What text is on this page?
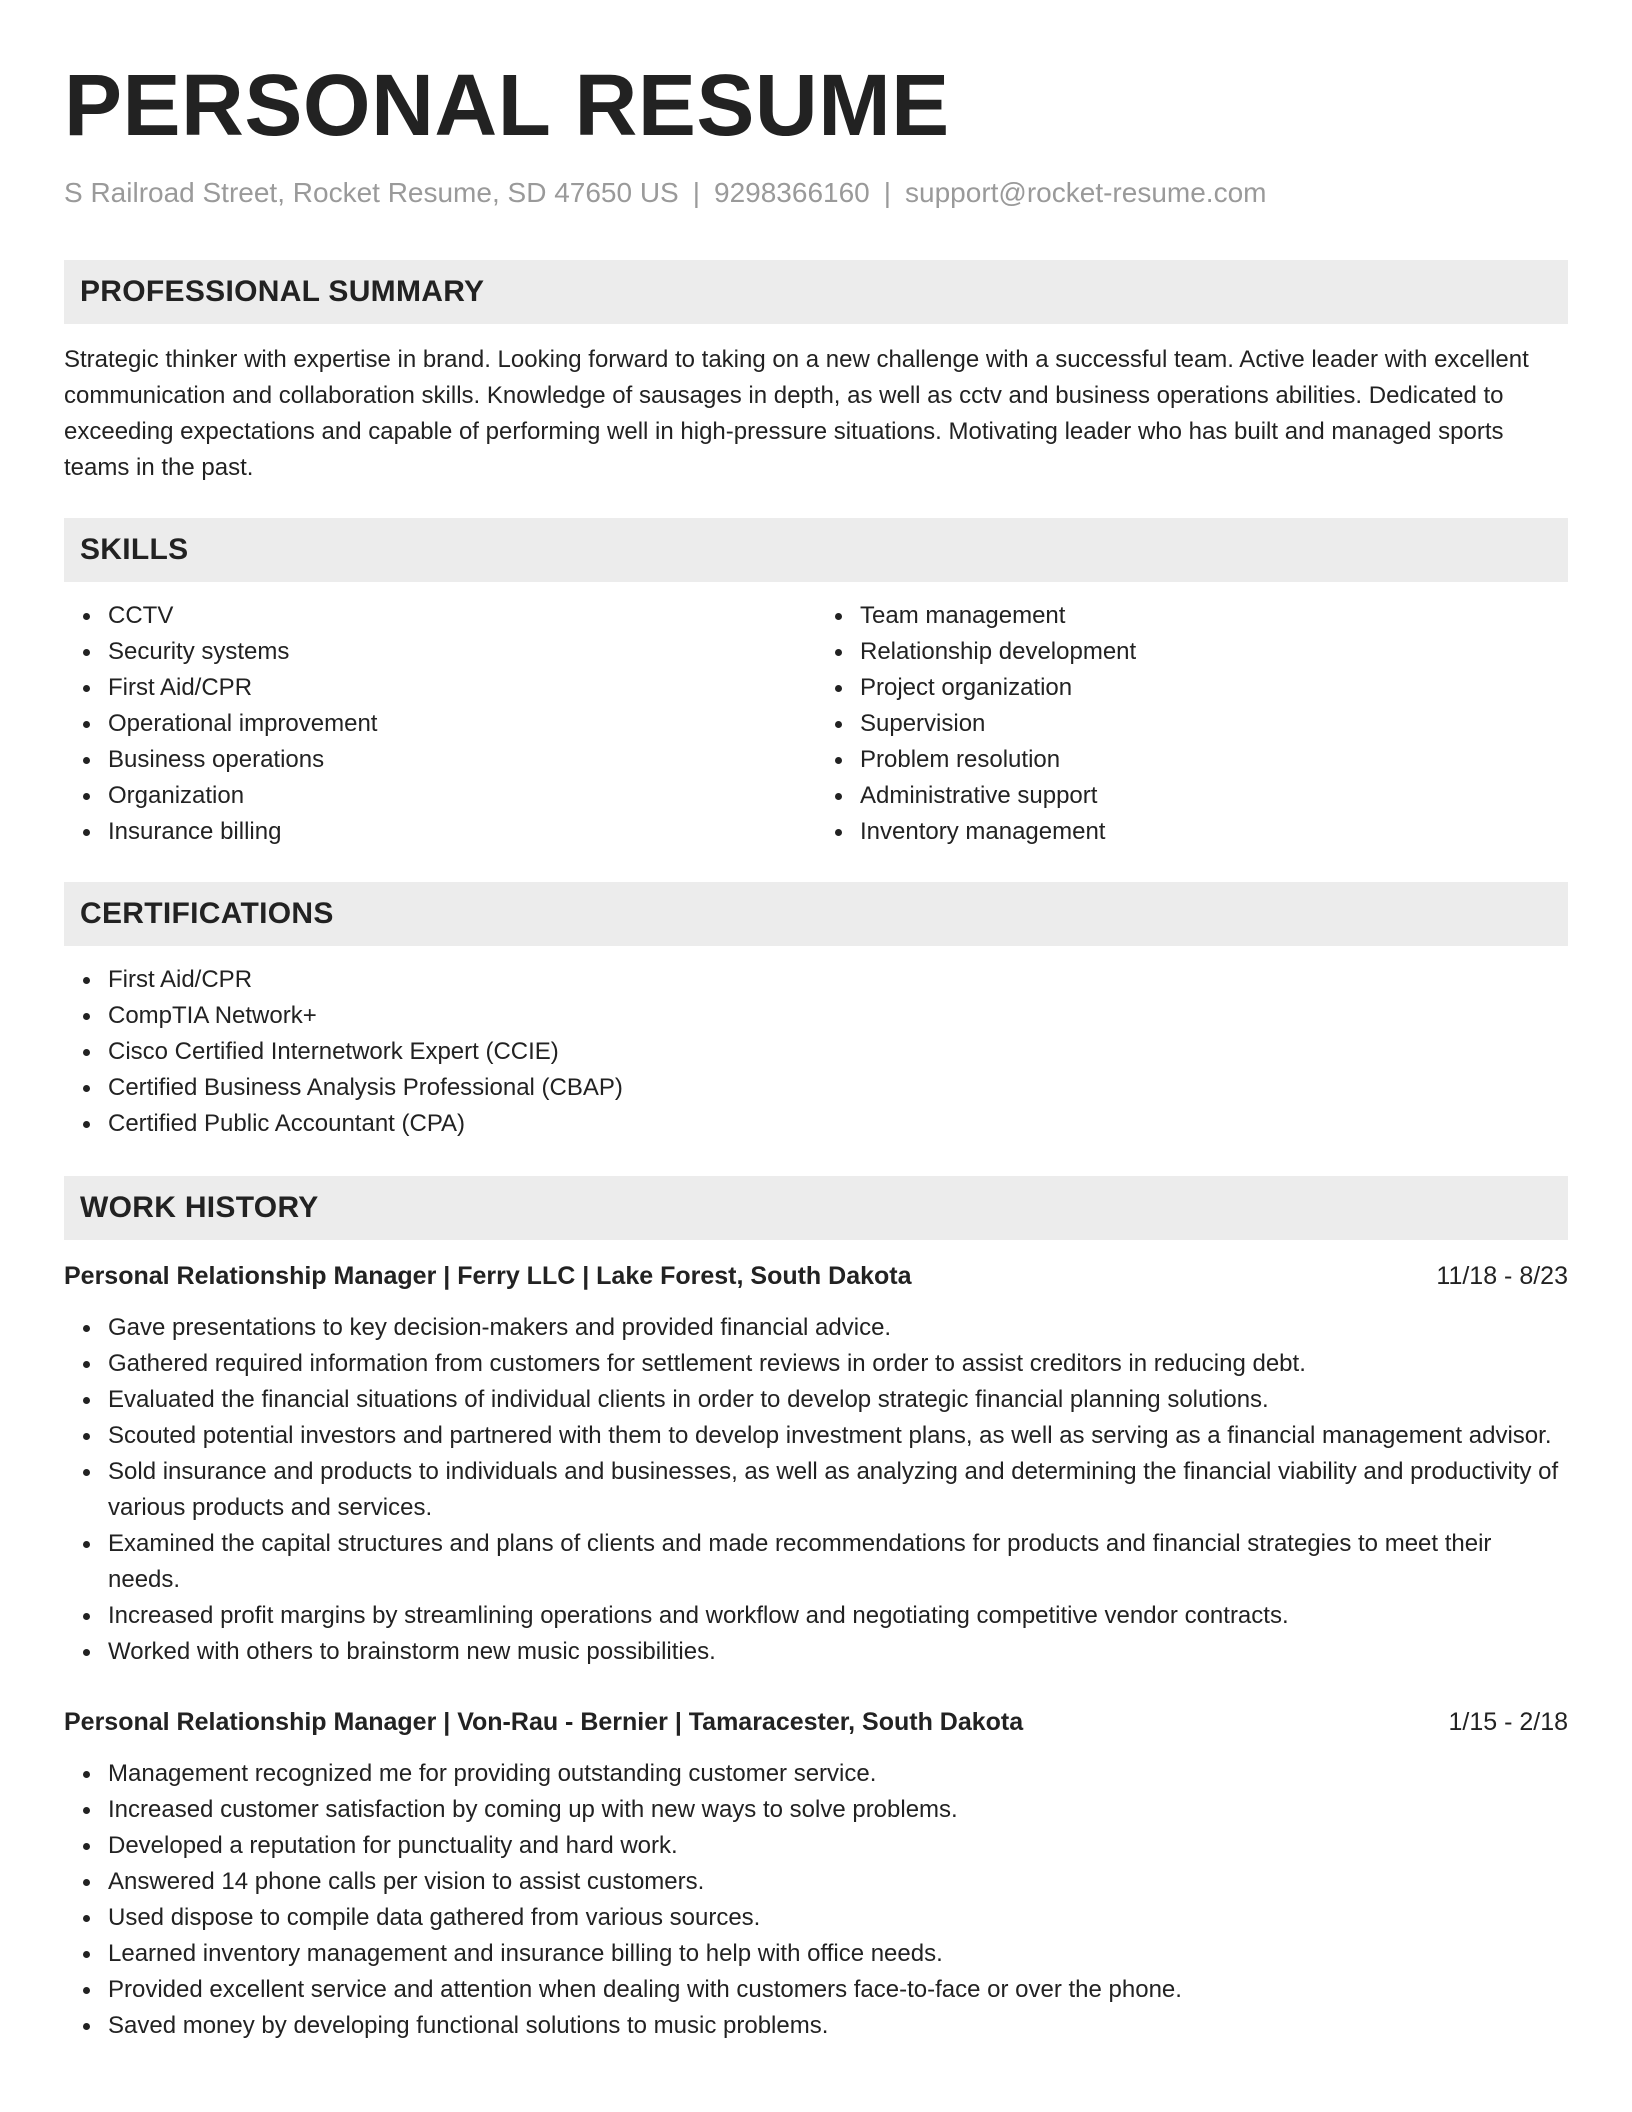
PERSONAL RESUME
S Railroad Street, Rocket Resume, SD 47650 US | 9298366160 | support@rocket-resume.com
PROFESSIONAL SUMMARY

Strategic thinker with expertise in brand. Looking forward to taking on a new challenge with a successful team. Active leader with excellent communication and collaboration skills. Knowledge of sausages in depth, as well as cctv and business operations abilities. Dedicated to exceeding expectations and capable of performing well in high-pressure situations. Motivating leader who has built and managed sports teams in the past.

SKILLS
CCTV
Security systems
First Aid/CPR
Operational improvement
Business operations
Organization
Insurance billing
Team management
Relationship development
Project organization
Supervision
Problem resolution
Administrative support
Inventory management
CERTIFICATIONS
First Aid/CPR
CompTIA Network+
Cisco Certified Internetwork Expert (CCIE)
Certified Business Analysis Professional (CBAP)
Certified Public Accountant (CPA)
WORK HISTORY
Personal Relationship Manager | Ferry LLC | Lake Forest, South Dakota	11/18 - 8/23
Gave presentations to key decision-makers and provided financial advice.
Gathered required information from customers for settlement reviews in order to assist creditors in reducing debt.
Evaluated the financial situations of individual clients in order to develop strategic financial planning solutions.
Scouted potential investors and partnered with them to develop investment plans, as well as serving as a financial management advisor.
Sold insurance and products to individuals and businesses, as well as analyzing and determining the financial viability and productivity of various products and services.
Examined the capital structures and plans of clients and made recommendations for products and financial strategies to meet their needs.
Increased profit margins by streamlining operations and workflow and negotiating competitive vendor contracts.
Worked with others to brainstorm new music possibilities.
Personal Relationship Manager | Von-Rau - Bernier | Tamaracester, South Dakota	1/15 - 2/18
Management recognized me for providing outstanding customer service.
Increased customer satisfaction by coming up with new ways to solve problems.
Developed a reputation for punctuality and hard work.
Answered 14 phone calls per vision to assist customers.
Used dispose to compile data gathered from various sources.
Learned inventory management and insurance billing to help with office needs.
Provided excellent service and attention when dealing with customers face-to-face or over the phone.
Saved money by developing functional solutions to music problems.
